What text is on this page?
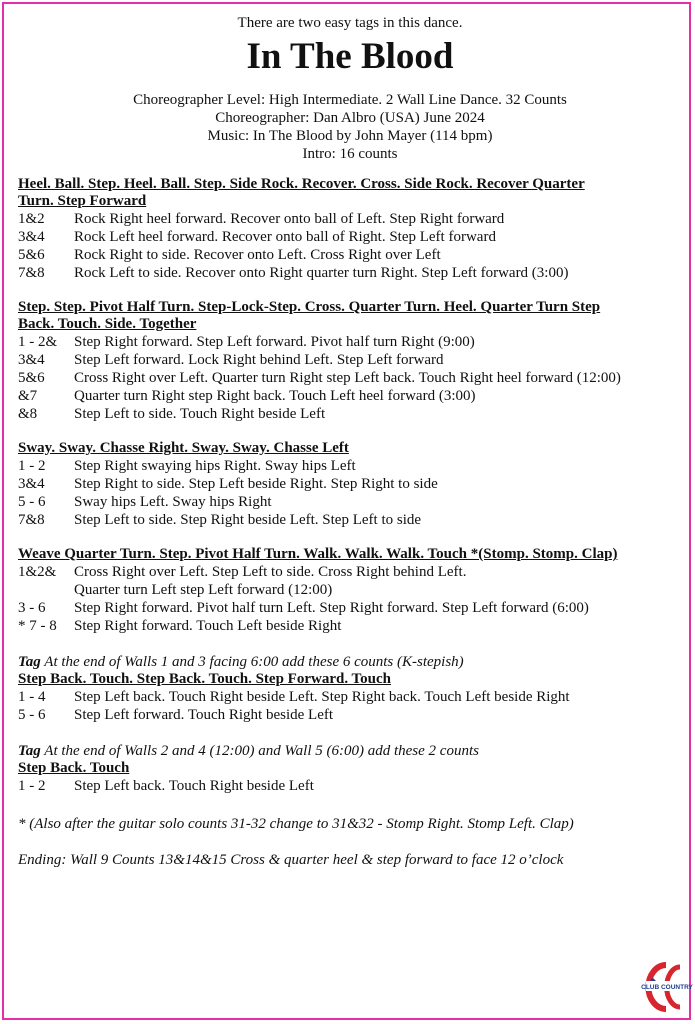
There are two easy tags in this dance.
In The Blood
Choreographer Level: High Intermediate. 2 Wall Line Dance. 32 Counts
Choreographer: Dan Albro (USA) June 2024
Music: In The Blood by John Mayer (114 bpm)
Intro: 16 counts
Heel. Ball. Step. Heel. Ball. Step. Side Rock. Recover. Cross. Side Rock. Recover Quarter
Turn. Step Forward
1&2	Rock Right heel forward. Recover onto ball of Left. Step Right forward
3&4	Rock Left heel forward. Recover onto ball of Right. Step Left forward
5&6	Rock Right to side. Recover onto Left. Cross Right over Left
7&8	Rock Left to side. Recover onto Right quarter turn Right. Step Left forward (3:00)
Step. Step. Pivot Half Turn. Step-Lock-Step. Cross. Quarter Turn. Heel. Quarter Turn Step
Back. Touch. Side. Together
1 - 2&	Step Right forward. Step Left forward. Pivot half turn Right (9:00)
3&4	Step Left forward. Lock Right behind Left. Step Left forward
5&6	Cross Right over Left. Quarter turn Right step Left back. Touch Right heel forward (12:00)
&7	Quarter turn Right step Right back. Touch Left heel forward (3:00)
&8	Step Left to side. Touch Right beside Left
Sway. Sway. Chasse Right. Sway. Sway. Chasse Left
1 - 2	Step Right swaying hips Right. Sway hips Left
3&4	Step Right to side. Step Left beside Right. Step Right to side
5 - 6	Sway hips Left. Sway hips Right
7&8	Step Left to side. Step Right beside Left. Step Left to side
Weave Quarter Turn. Step. Pivot Half Turn. Walk. Walk. Walk. Touch *(Stomp. Stomp. Clap)
1&2&	Cross Right over Left. Step Left to side. Cross Right behind Left.
Quarter turn Left step Left forward (12:00)
3 - 6	Step Right forward. Pivot half turn Left. Step Right forward. Step Left forward (6:00)
* 7 - 8	Step Right forward. Touch Left beside Right
Tag At the end of Walls 1 and 3 facing 6:00 add these 6 counts (K-stepish)
Step Back. Touch. Step Back. Touch. Step Forward. Touch
1 - 4	Step Left back. Touch Right beside Left. Step Right back. Touch Left beside Right
5 - 6	Step Left forward. Touch Right beside Left
Tag At the end of Walls 2 and 4 (12:00) and Wall 5 (6:00) add these 2 counts
Step Back. Touch
1 - 2	Step Left back. Touch Right beside Left
* (Also after the guitar solo counts 31-32 change to 31&32 - Stomp Right. Stomp Left. Clap)
Ending: Wall 9 Counts 13&14&15 Cross & quarter heel & step forward to face 12 o’clock
CLUB COUNTRY
